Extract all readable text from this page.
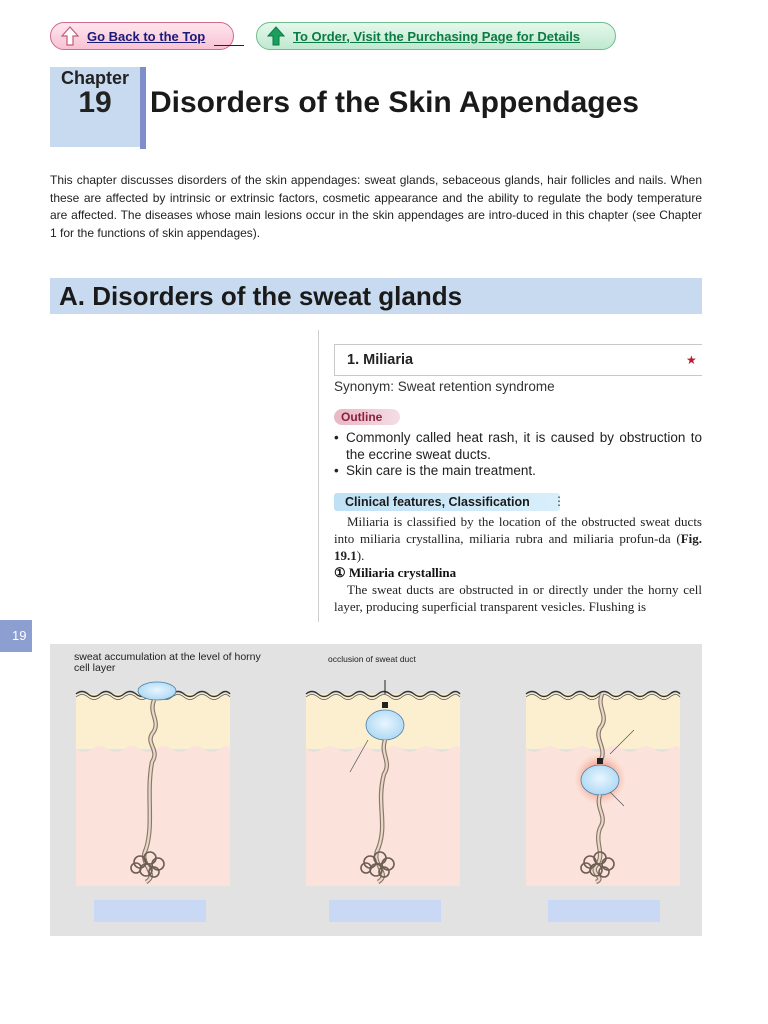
Go Back to the Top	To Order, Visit the Purchasing Page for Details
Chapter
19	Disorders of the Skin Appendages
This chapter discusses disorders of the skin appendages: sweat glands, sebaceous glands, hair follicles and nails. When these are affected by intrinsic or extrinsic factors, cosmetic appearance and the ability to regulate the body temperature are affected. The diseases whose main lesions occur in the skin appendages are intro-duced in this chapter (see Chapter 1 for the functions of skin appendages).
A. Disorders of the sweat glands
1. Miliaria	★
Synonym: Sweat retention syndrome
Outline
• Commonly called heat rash, it is caused by obstruction to the eccrine sweat ducts.
• Skin care is the main treatment.
Clinical features, Classification	⋮
 Miliaria is classified by the location of the obstructed sweat ducts into miliaria crystallina, miliaria rubra and miliaria profun-da (Fig. 19.1).
① Miliaria crystallina
 The sweat ducts are obstructed in or directly under the horny cell layer, producing superficial transparent vesicles. Flushing is
19
sweat accumulation at the level of horny cell layer
occlusion of sweat duct
